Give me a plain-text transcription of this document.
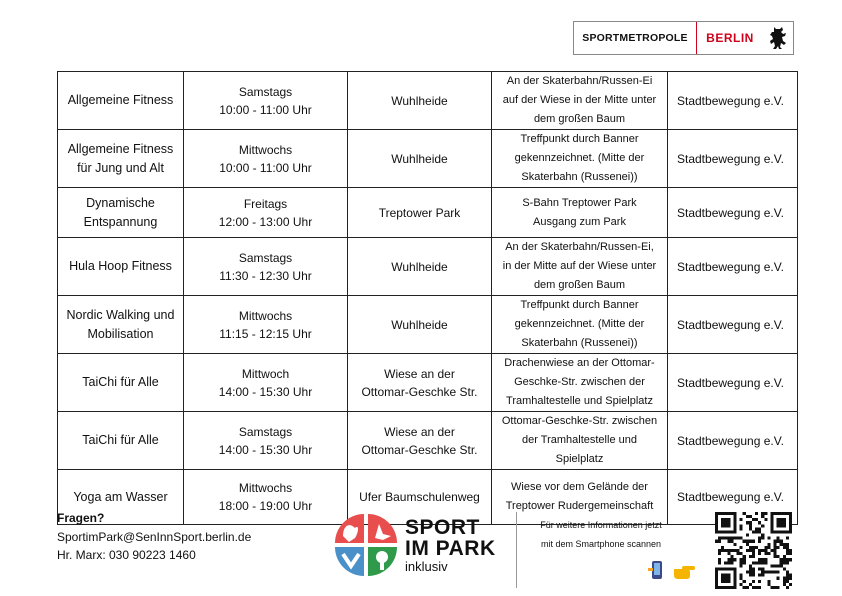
SPORTMETROPOLE	BERLIN
Allgemeine Fitness	Samstags
10:00 - 11:00 Uhr	Wuhlheide	An der Skaterbahn/Russen-Ei
auf der Wiese in der Mitte unter
dem großen Baum	Stadtbewegung e.V.

Allgemeine Fitness
für Jung und Alt	Mittwochs
10:00 - 11:00 Uhr	Wuhlheide	Treffpunkt durch Banner
gekennzeichnet. (Mitte der
Skaterbahn (Russenei))	Stadtbewegung e.V.

Dynamische
Entspannung	Freitags
12:00 - 13:00 Uhr	Treptower Park	S-Bahn Treptower Park
Ausgang zum Park	Stadtbewegung e.V.

Hula Hoop Fitness	Samstags
11:30 - 12:30 Uhr	Wuhlheide	An der Skaterbahn/Russen-Ei,
in der Mitte auf der Wiese unter
dem großen Baum	Stadtbewegung e.V.

Nordic Walking und
Mobilisation	Mittwochs
11:15 - 12:15 Uhr	Wuhlheide	Treffpunkt durch Banner
gekennzeichnet. (Mitte der
Skaterbahn (Russenei))	Stadtbewegung e.V.

TaiChi für Alle	Mittwoch
14:00 - 15:30 Uhr	Wiese an der
Ottomar-Geschke Str.	Drachenwiese an der Ottomar-
Geschke-Str. zwischen der
Tramhaltestelle und Spielplatz	Stadtbewegung e.V.

TaiChi für Alle	Samstags
14:00 - 15:30 Uhr	Wiese an der
Ottomar-Geschke Str.	Ottomar-Geschke-Str. zwischen
der Tramhaltestelle und
Spielplatz	Stadtbewegung e.V.

Yoga am Wasser	Mittwochs
18:00 - 19:00 Uhr	Ufer Baumschulenweg	Wiese vor dem Gelände der
Treptower Rudergemeinschaft	Stadtbewegung e.V.
Fragen?
SportimPark@SenInnSport.berlin.de
Hr. Marx: 030 90223 1460
SPORT
IM PARK
inklusiv
Für weitere Informationen jetzt
mit dem Smartphone scannen
